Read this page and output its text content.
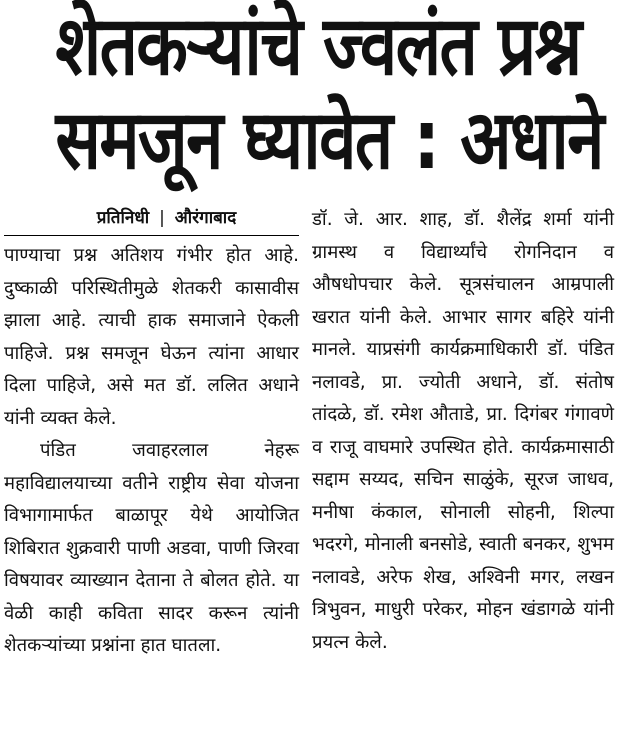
शेतकऱ्यांचे ज्वलंत प्रश्न
समजून घ्यावेत : अधाने
प्रतिनिधी | औरंगाबाद

पाण्याचा प्रश्न अतिशय गंभीर होत आहे. दुष्काळी परिस्थितीमुळे शेतकरी कासावीस झाला आहे. त्याची हाक समाजाने ऐकली पाहिजे. प्रश्न समजून घेऊन त्यांना आधार दिला पाहिजे, असे मत डॉ. ललित अधाने यांनी व्यक्त केले.

पंडित जवाहरलाल नेहरू महाविद्यालयाच्या वतीने राष्ट्रीय सेवा योजना विभागामार्फत बाळापूर येथे आयोजित शिबिरात शुक्रवारी पाणी अडवा, पाणी जिरवा विषयावर व्याख्यान देताना ते बोलत होते. या वेळी काही कविता सादर करून त्यांनी शेतकऱ्यांच्या प्रश्नांना हात घातला.

डॉ. जे. आर. शाह, डॉ. शैलेंद्र शर्मा यांनी ग्रामस्थ व विद्यार्थ्यांचे रोगनिदान व औषधोपचार केले. सूत्रसंचालन आम्रपाली खरात यांनी केले. आभार सागर बहिरे यांनी मानले. याप्रसंगी कार्यक्रमाधिकारी डॉ. पंडित नलावडे, प्रा. ज्योती अधाने, डॉ. संतोष तांदळे, डॉ. रमेश औताडे, प्रा. दिगंबर गंगावणे व राजू वाघमारे उपस्थित होते. कार्यक्रमासाठी सद्दाम सय्यद, सचिन साळुंके, सूरज जाधव, मनीषा कंकाल, सोनाली सोहनी, शिल्पा भदरगे, मोनाली बनसोडे, स्वाती बनकर, शुभम नलावडे, अरेफ शेख, अश्विनी मगर, लखन त्रिभुवन, माधुरी परेकर, मोहन खंडागळे यांनी प्रयत्न केले.
